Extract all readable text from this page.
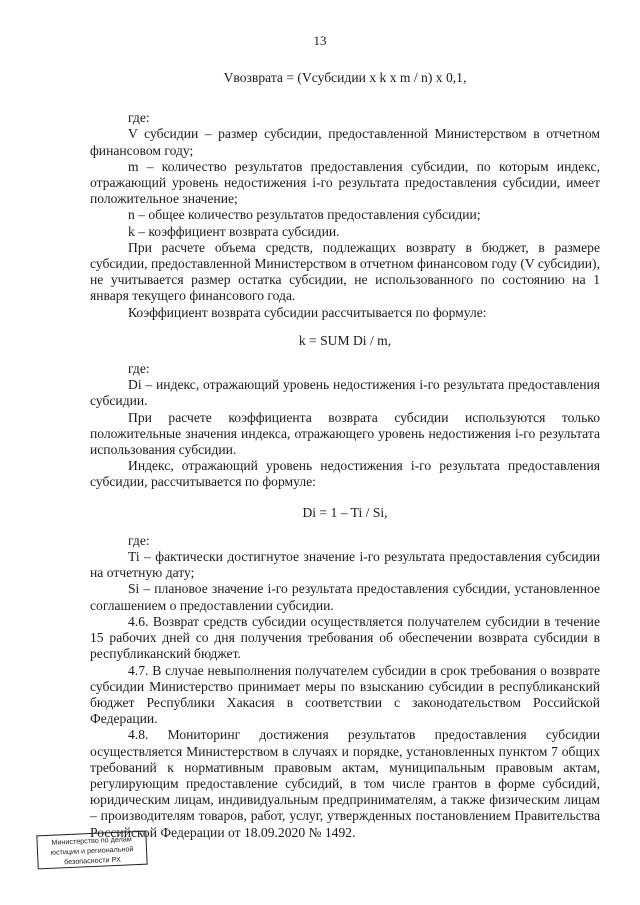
13
Vвозврата = (Vсубсидии x k x m / n) x 0,1,

где:

V субсидии – размер субсидии, предоставленной Министерством в отчетном финансовом году;

m – количество результатов предоставления субсидии, по которым индекс, отражающий уровень недостижения i-го результата предоставления субсидии, имеет положительное значение;

n – общее количество результатов предоставления субсидии;

k – коэффициент возврата субсидии.

При расчете объема средств, подлежащих возврату в бюджет, в размере субсидии, предоставленной Министерством в отчетном финансовом году (V субсидии), не учитывается размер остатка субсидии, не использованного по состоянию на 1 января текущего финансового года.

Коэффициент возврата субсидии рассчитывается по формуле:

k = SUM Di / m,

где:

Di – индекс, отражающий уровень недостижения i-го результата предоставления субсидии.

При расчете коэффициента возврата субсидии используются только положительные значения индекса, отражающего уровень недостижения i-го результата использования субсидии.

Индекс, отражающий уровень недостижения i-го результата предоставления субсидии, рассчитывается по формуле:

Di = 1 – Ti / Si,

где:

Ti – фактически достигнутое значение i-го результата предоставления субсидии на отчетную дату;

Si – плановое значение i-го результата предоставления субсидии, установленное соглашением о предоставлении субсидии.

4.6. Возврат средств субсидии осуществляется получателем субсидии в течение 15 рабочих дней со дня получения требования об обеспечении возврата субсидии в республиканский бюджет.

4.7. В случае невыполнения получателем субсидии в срок требования о возврате субсидии Министерство принимает меры по взысканию субсидии в республиканский бюджет Республики Хакасия в соответствии с законодательством Российской Федерации.

4.8. Мониторинг достижения результатов предоставления субсидии осуществляется Министерством в случаях и порядке, установленных пунктом 7 общих требований к нормативным правовым актам, муниципальным правовым актам, регулирующим предоставление субсидий, в том числе грантов в форме субсидий, юридическим лицам, индивидуальным предпринимателям, а также физическим лицам – производителям товаров, работ, услуг, утвержденных постановлением Правительства Российской Федерации от 18.09.2020 № 1492.

Министерство по делам
юстиции и региональной
безопасности РХ
